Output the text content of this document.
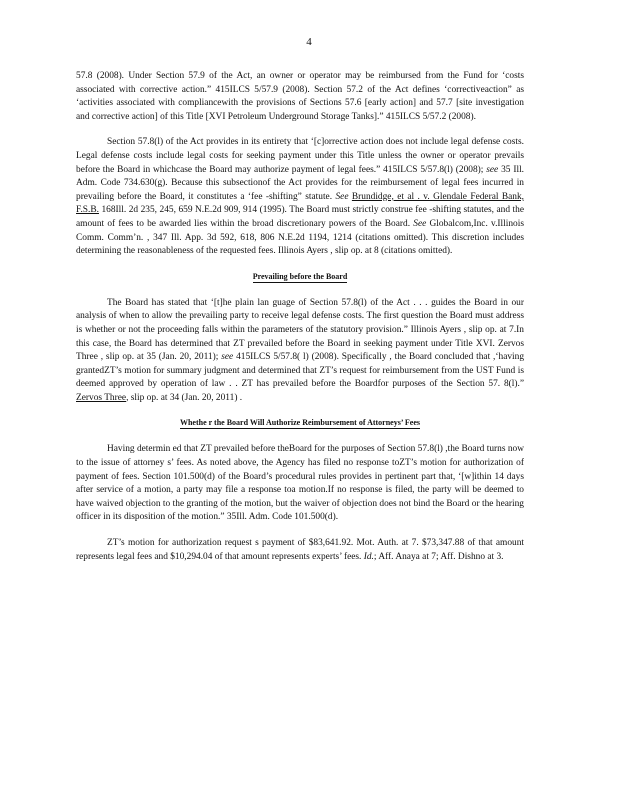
4

57.8 (2008). Under Section 57.9 of the Act, an owner or operator may be reimbursed from the Fund for ‘costs associated with corrective action.” 415ILCS 5/57.9 (2008). Section 57.2 of the Act defines ‘correctiveaction” as ‘activities associated with compliancewith the provisions of Sections 57.6 [early action] and 57.7 [site investigation and corrective action] of this Title [XVI Petroleum Underground Storage Tanks].” 415ILCS 5/57.2 (2008).

Section 57.8(l) of the Act provides in its entirety that ‘[c]orrective action does not include legal defense costs. Legal defense costs include legal costs for seeking payment under this Title unless the owner or operator prevails before the Board in whichcase the Board may authorize payment of legal fees.” 415ILCS 5/57.8(l) (2008); see 35 Ill. Adm. Code 734.630(g). Because this subsectionof the Act provides for the reimbursement of legal fees incurred in prevailing before the Board, it constitutes a ‘fee -shifting” statute. See Brundidge, et al . v. Glendale Federal Bank, F.S.B. 168Ill. 2d 235, 245, 659 N.E.2d 909, 914 (1995). The Board must strictly construe fee -shifting statutes, and the amount of fees to be awarded lies within the broad discretionary powers of the Board. See Globalcom,Inc. v.Illinois Comm. Comm’n. , 347 Ill. App. 3d 592, 618, 806 N.E.2d 1194, 1214 (citations omitted). This discretion includes determining the reasonableness of the requested fees. Illinois Ayers , slip op. at 8 (citations omitted).

Prevailing before the Board

The Board has stated that ‘[t]he plain lan guage of Section 57.8(l) of the Act . . . guides the Board in our analysis of when to allow the prevailing party to receive legal defense costs. The first question the Board must address is whether or not the proceeding falls within the parameters of the statutory provision.” Illinois Ayers , slip op. at 7.In this case, the Board has determined that ZT prevailed before the Board in seeking payment under Title XVI. Zervos Three , slip op. at 35 (Jan. 20, 2011); see 415ILCS 5/57.8( l) (2008). Specifically , the Board concluded that ,‘having grantedZT’s motion for summary judgment and determined that ZT’s request for reimbursement from the UST Fund is deemed approved by operation of law . . ZT has prevailed before the Boardfor purposes of the Section 57. 8(l).” Zervos Three, slip op. at 34 (Jan. 20, 2011) .

Whethe r the Board Will Authorize Reimbursement of Attorneys’ Fees

Having determin ed that ZT prevailed before theBoard for the purposes of Section 57.8(l) ,the Board turns now to the issue of attorney s’ fees. As noted above, the Agency has filed no response toZT’s motion for authorization of payment of fees. Section 101.500(d) of the Board’s procedural rules provides in pertinent part that, ‘[w]ithin 14 days after service of a motion, a party may file a response toa motion.If no response is filed, the party will be deemed to have waived objection to the granting of the motion, but the waiver of objection does not bind the Board or the hearing officer in its disposition of the motion.” 35Ill. Adm. Code 101.500(d).

ZT’s motion for authorization request s payment of $83,641.92. Mot. Auth. at 7. $73,347.88 of that amount represents legal fees and $10,294.04 of that amount represents experts’ fees. Id.; Aff. Anaya at 7; Aff. Dishno at 3.
